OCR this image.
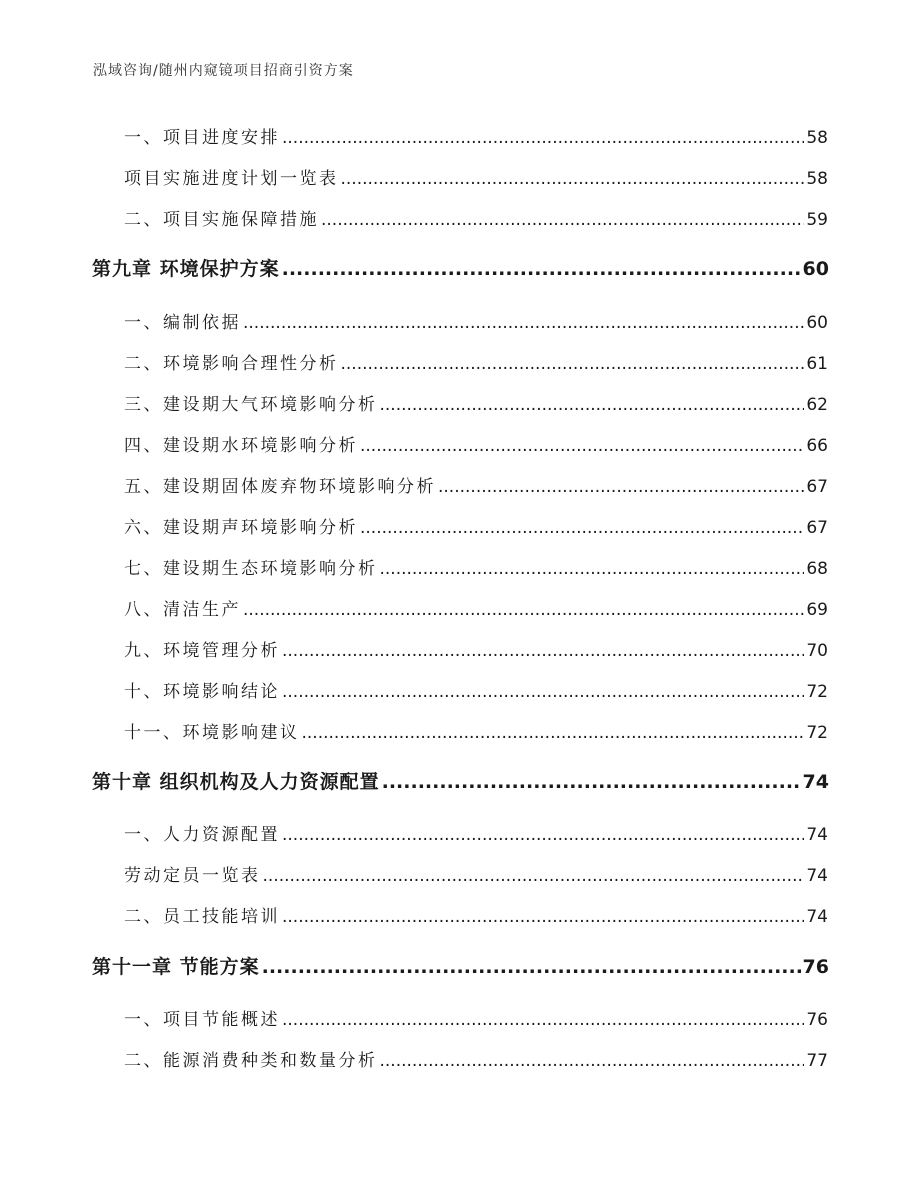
泓域咨询/随州内窥镜项目招商引资方案
一、 项目进度安排 .....	58
项目实施进度计划一览表 .....	58
二、 项目实施保障措施 .....	59
第九章 环境保护方案 .....	60
一、 编制依据 .....	60
二、 环境影响合理性分析 .....	61
三、 建设期大气环境影响分析 .....	62
四、 建设期水环境影响分析 .....	66
五、 建设期固体废弃物环境影响分析 .....	67
六、 建设期声环境影响分析 .....	67
七、 建设期生态环境影响分析 .....	68
八、 清洁生产 .....	69
九、 环境管理分析 .....	70
十、 环境影响结论 .....	72
十一、 环境影响建议 .....	72
第十章 组织机构及人力资源配置 .....	74
一、 人力资源配置 .....	74
劳动定员一览表 .....	74
二、 员工技能培训 .....	74
第十一章 节能方案 .....	76
一、 项目节能概述 .....	76
二、 能源消费种类和数量分析 .....	77
